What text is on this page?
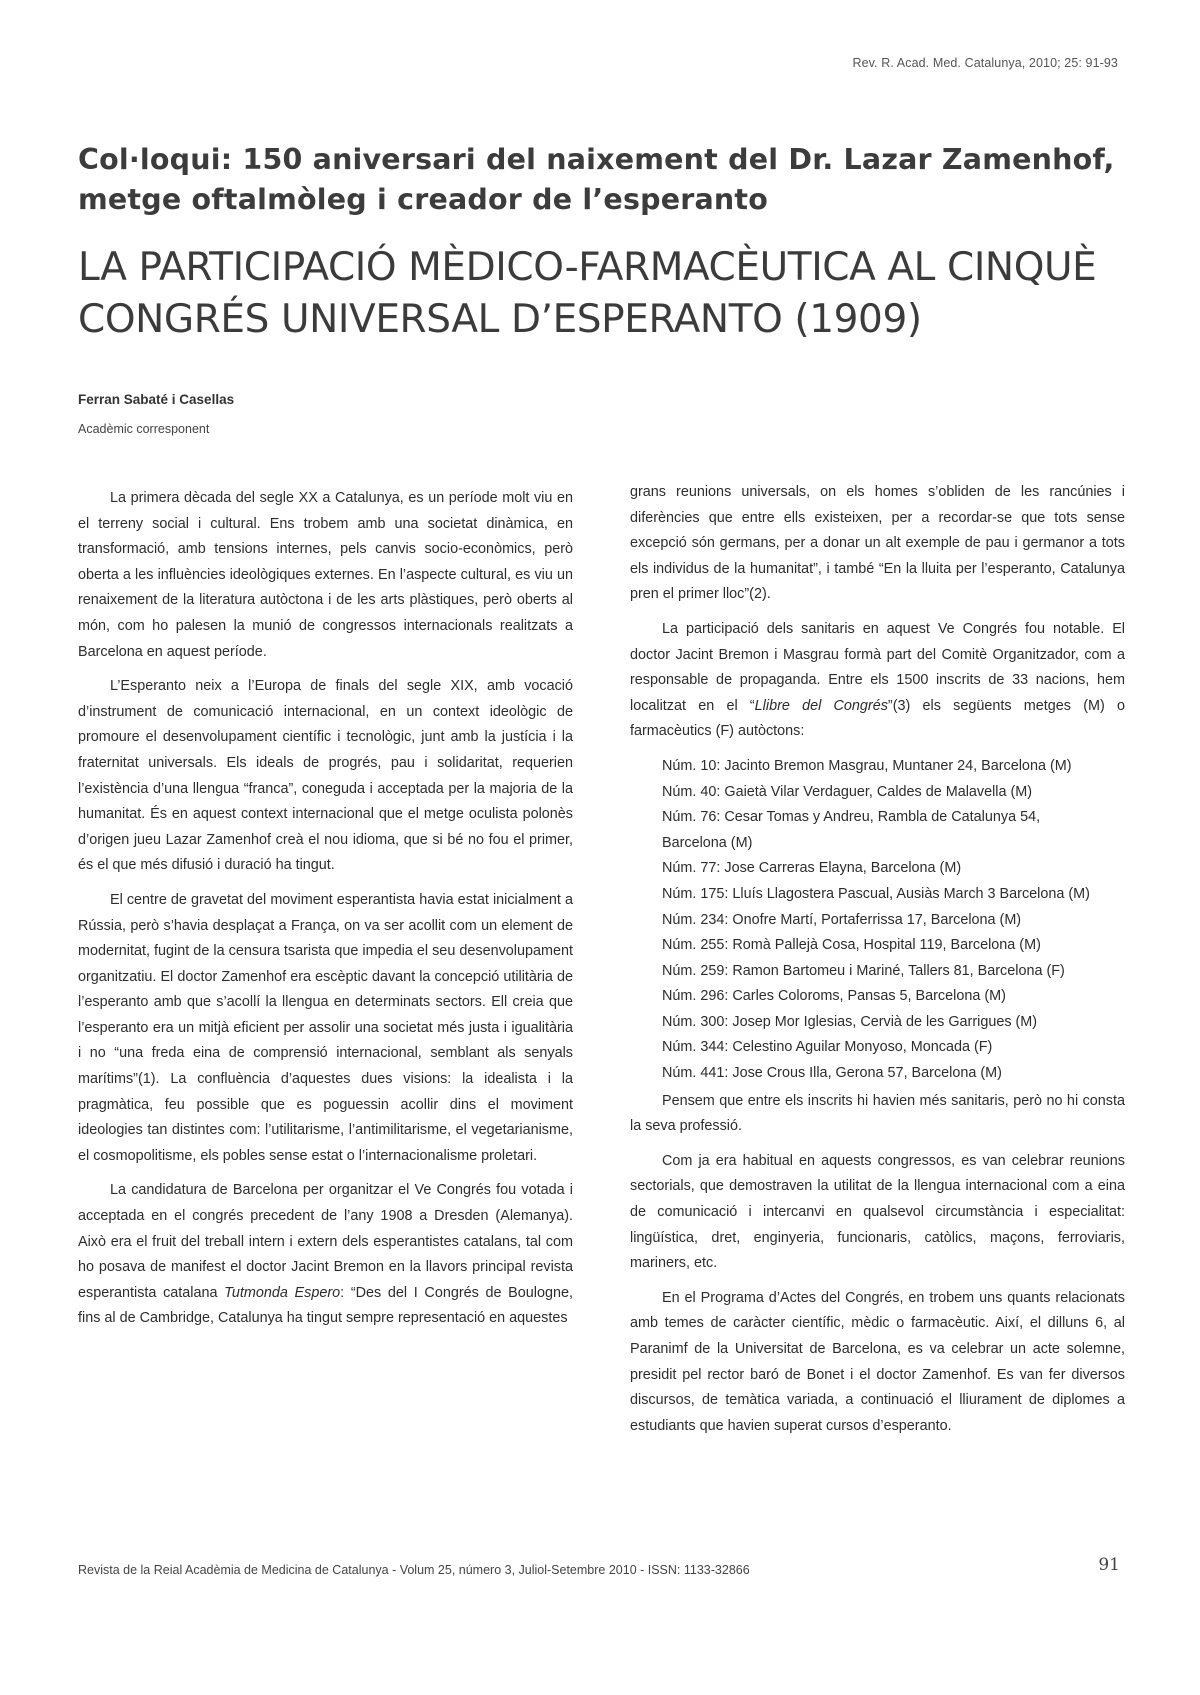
Rev. R. Acad. Med. Catalunya, 2010; 25: 91-93
Col·loqui: 150 aniversari del naixement del Dr. Lazar Zamenhof, metge oftalmòleg i creador de l’esperanto
LA PARTICIPACIÓ MÈDICO-FARMACÈUTICA AL CINQUÈ CONGRÉS UNIVERSAL D’ESPERANTO (1909)
Ferran Sabaté i Casellas
Acadèmic corresponent

La primera dècada del segle XX a Catalunya, es un període molt viu en el terreny social i cultural. Ens trobem amb una societat dinàmica, en transformació, amb tensions internes, pels canvis socio-econòmics, però oberta a les influències ideològiques externes. En l’aspecte cultural, es viu un renaixement de la literatura autòctona i de les arts plàstiques, però oberts al món, com ho palesen la munió de congressos internacionals realitzats a Barcelona en aquest període.

L’Esperanto neix a l’Europa de finals del segle XIX, amb vocació d’instrument de comunicació internacional, en un context ideològic de promoure el desenvolupament científic i tecnològic, junt amb la justícia i la fraternitat universals. Els ideals de progrés, pau i solidaritat, requerien l’existència d’una llengua “franca”, coneguda i acceptada per la majoria de la humanitat. És en aquest context internacional que el metge oculista polonès d’origen jueu Lazar Zamenhof creà el nou idioma, que si bé no fou el primer, és el que més difusió i duració ha tingut.

El centre de gravetat del moviment esperantista havia estat inicialment a Rússia, però s’havia desplaçat a França, on va ser acollit com un element de modernitat, fugint de la censura tsarista que impedia el seu desenvolupament organitzatiu. El doctor Zamenhof era escèptic davant la concepció utilitària de l’esperanto amb que s’acollí la llengua en determinats sectors. Ell creia que l’esperanto era un mitjà eficient per assolir una societat més justa i igualitària i no “una freda eina de comprensió internacional, semblant als senyals marítims”(1). La confluència d’aquestes dues visions: la idealista i la pragmàtica, feu possible que es poguessin acollir dins el moviment ideologies tan distintes com: l’utilitarisme, l’antimilitarisme, el vegetarianisme, el cosmopolitisme, els pobles sense estat o l’internacionalisme proletari.

La candidatura de Barcelona per organitzar el Ve Congrés fou votada i acceptada en el congrés precedent de l’any 1908 a Dresden (Alemanya). Això era el fruit del treball intern i extern dels esperantistes catalans, tal com ho posava de manifest el doctor Jacint Bremon en la llavors principal revista esperantista catalana Tutmonda Espero: “Des del I Congrés de Boulogne, fins al de Cambridge, Catalunya ha tingut sempre representació en aquestes

grans reunions universals, on els homes s’obliden de les rancúnies i diferències que entre ells existeixen, per a recordar-se que tots sense excepció són germans, per a donar un alt exemple de pau i germanor a tots els individus de la humanitat”, i també “En la lluita per l’esperanto, Catalunya pren el primer lloc”(2).

La participació dels sanitaris en aquest Ve Congrés fou notable. El doctor Jacint Bremon i Masgrau formà part del Comitè Organitzador, com a responsable de propaganda. Entre els 1500 inscrits de 33 nacions, hem localitzat en el “Llibre del Congrés”(3) els següents metges (M) o farmacèutics (F) autòctons:

Núm. 10: Jacinto Bremon Masgrau, Muntaner 24, Barcelona (M)
Núm. 40: Gaietà Vilar Verdaguer, Caldes de Malavella (M)
Núm. 76: Cesar Tomas y Andreu, Rambla de Catalunya 54,
Barcelona (M)
Núm. 77: Jose Carreras Elayna, Barcelona (M)
Núm. 175: Lluís Llagostera Pascual, Ausiàs March 3 Barcelona (M)
Núm. 234: Onofre Martí, Portaferrissa 17, Barcelona (M)
Núm. 255: Romà Pallejà Cosa, Hospital 119, Barcelona (M)
Núm. 259: Ramon Bartomeu i Mariné, Tallers 81, Barcelona (F)
Núm. 296: Carles Coloroms, Pansas 5, Barcelona (M)
Núm. 300: Josep Mor Iglesias, Cervià de les Garrigues (M)
Núm. 344: Celestino Aguilar Monyoso, Moncada (F)
Núm. 441: Jose Crous Illa, Gerona 57, Barcelona (M)

Pensem que entre els inscrits hi havien més sanitaris, però no hi consta la seva professió.

Com ja era habitual en aquests congressos, es van celebrar reunions sectorials, que demostraven la utilitat de la llengua internacional com a eina de comunicació i intercanvi en qualsevol circumstància i especialitat: lingüística, dret, enginyeria, funcionaris, catòlics, maçons, ferroviaris, mariners, etc.

En el Programa d’Actes del Congrés, en trobem uns quants relacionats amb temes de caràcter científic, mèdic o farmacèutic. Així, el dilluns 6, al Paranimf de la Universitat de Barcelona, es va celebrar un acte solemne, presidit pel rector baró de Bonet i el doctor Zamenhof. Es van fer diversos discursos, de temàtica variada, a continuació el lliurament de diplomes a estudiants que havien superat cursos d’esperanto.

Revista de la Reial Acadèmia de Medicina de Catalunya - Volum 25, número 3, Juliol-Setembre 2010 - ISSN: 1133-32866	91
